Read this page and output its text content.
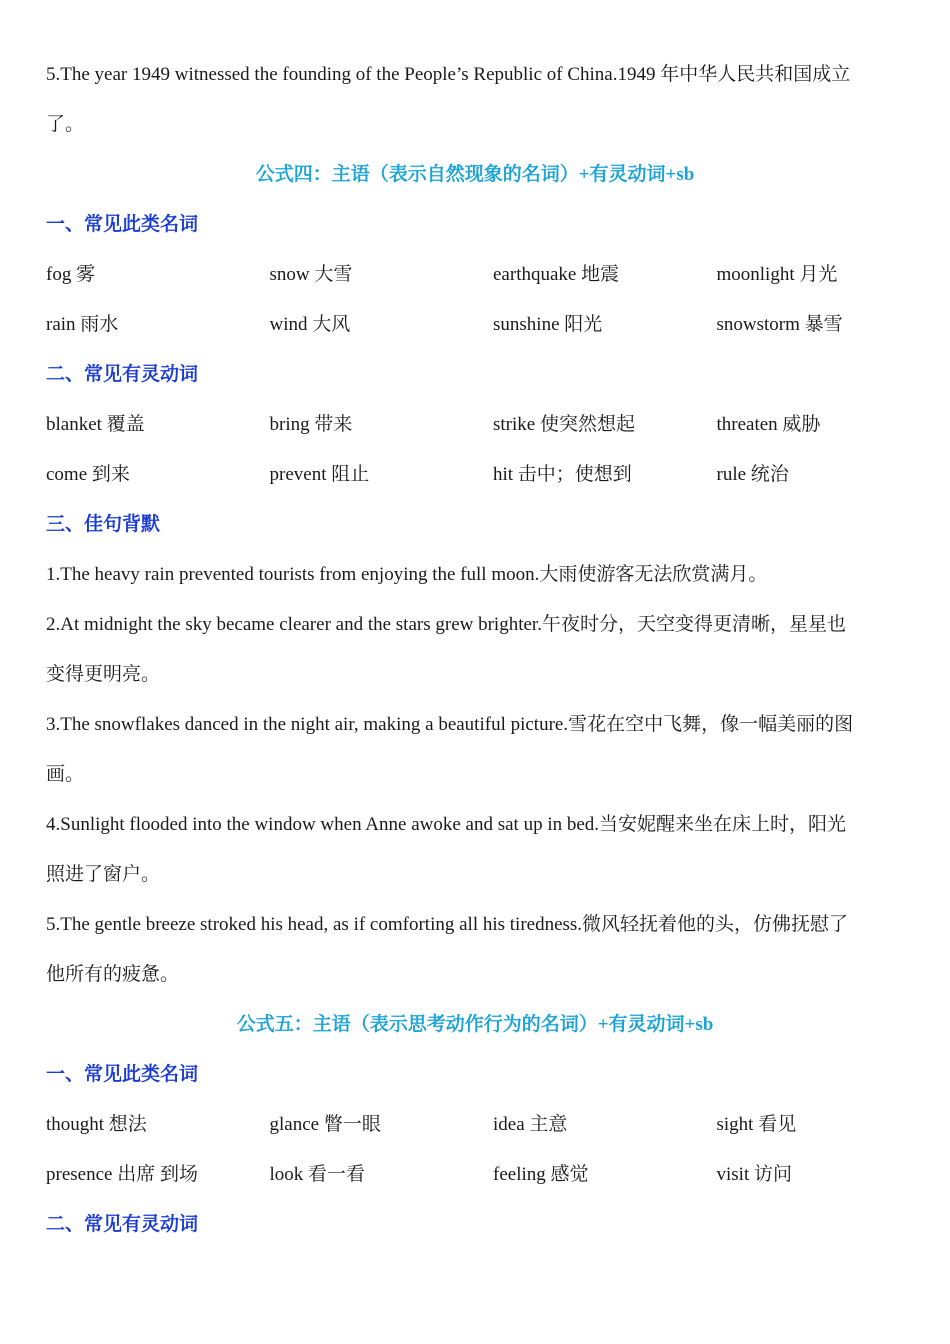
5.The year 1949 witnessed the founding of the People’s Republic of China.1949 年中华人民共和国成立
了。
公式四：主语（表示自然现象的名词）+有灵动词+sb
一、常见此类名词
fog 雾	snow 大雪	earthquake 地震	moonlight 月光
rain 雨水	wind 大风	sunshine 阳光	snowstorm 暴雪
二、常见有灵动词
blanket 覆盖	bring 带来	strike 使突然想起	threaten 威胁
come 到来	prevent 阻止	hit 击中；使想到	rule 统治
三、佳句背默
1.The heavy rain prevented tourists from enjoying the full moon.大雨使游客无法欣赏满月。
2.At midnight the sky became clearer and the stars grew brighter.午夜时分，天空变得更清晰，星星也
变得更明亮。
3.The snowflakes danced in the night air, making a beautiful picture.雪花在空中飞舞，像一幅美丽的图
画。
4.Sunlight flooded into the window when Anne awoke and sat up in bed.当安妮醒来坐在床上时，阳光
照进了窗户。
5.The gentle breeze stroked his head, as if comforting all his tiredness.微风轻抚着他的头，仿佛抚慰了
他所有的疲惫。
公式五：主语（表示思考动作行为的名词）+有灵动词+sb
一、常见此类名词
thought 想法	glance 瞥一眼	idea 主意	sight 看见
presence 出席 到场	look 看一看	feeling 感觉	visit 访问
二、常见有灵动词
